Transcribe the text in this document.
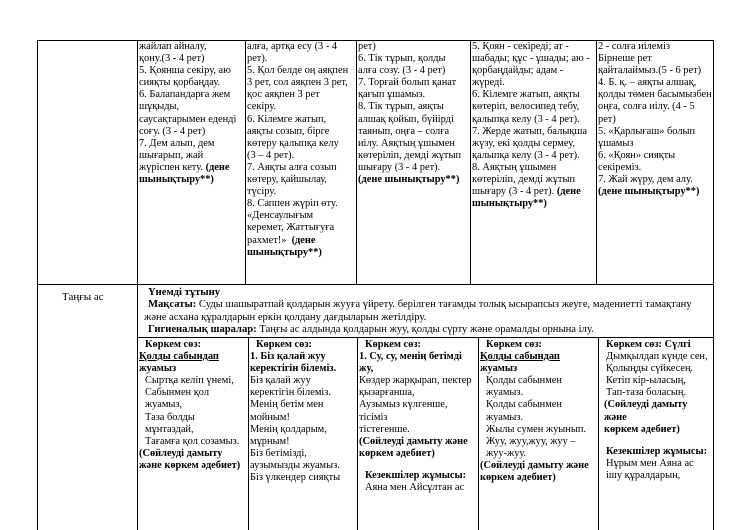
жайлап айналу,

қону.(3 - 4 рет)

5. Қоянша секіру, аю

сияқты қорбаңдау.

6. Балапандарға жем

шұқыды,

саусақтарымен едендi

соғу. (3 - 4 рет)

7. Дем алып, дем

шығарып, жай

жүріспен кету. (дене

шынықтыру**)

алға, артқа есу (3 - 4

рет).

5. Қол белде оң аяқпен

3 рет, сол аяқпен 3 рет,

қос аяқпен 3 рет

секіру.

6. Кілемге жатып,

аяқты созып, бірге

көтеру қалыпқа келу

(3 – 4 рет).

7. Аяқты алға созып

көтеру, қайшылау,

түсіру.

8. Саппен жүріп өту.

«Денсаулығым

керемет, Жаттығуға

рахмет!» (дене

шынықтыру**)

рет)

6. Тік тұрып, қолды

алға созу. (3 - 4 рет)

7. Торғай болып қанат

қағып ұшамыз.

8. Тік тұрып, аяқты

алшақ қойып, бүйірді

таянып, оңға – солға

иілу. Аяқтың ұшымен

көтеріліп, демді жұтып

шығару (3 - 4 рет).

(дене шынықтыру**)

5. Қоян - секіреді; ат -

шабады; құс - ұшады; аю -

қорбаңдайды; адам -

жүреді.

6. Кілемге жатып, аяқты

көтеріп, велосипед тебу,

қалыпқа келу (3 - 4 рет).

7. Жерде жатып, балықша

жүзу, екі қолды сермеу,

қалыпқа келу (3 - 4 рет).

8. Аяқтың ұшымен

көтеріліп, демді жұтып

шығару (3 - 4 рет). (дене

шынықтыру**)

2 - солға иілеміз

Бірнеше рет

қайталаймыз.(5 - 6 рет)

4. Б. қ. – аяқты алшақ,

қолды төмен басымызбен

оңға, солға иілу. (4 - 5 рет)

5. «Қарлығаш» болып

ұшамыз

6. «Қоян» сияқты секіреміз.

7. Жай жүру, дем алу.

(дене шынықтыру**)

Таңғы ас	Үнемді тұтыну

Мақсаты: Суды шашыратпай қолдарын жууға үйрету. берілген тағамды толық ысырапсыз жеуге, мәдениетті тамақтану және асхана құралдарын еркін қолдану дағдыларын жетілдіру.

Гигиеналық шаралар: Таңғы ас алдында қолдарын жуу, қолды сүрту және орамалды орнына ілу.

Көркем сөз:

Қолды сабындап

жуамыз

Сыртқа келіп үнемі,

Сабынмен қол

жуамыз,

Таза болды

мұнтаздай,

Тағамға қол созамыз.

(Сөйлеуді дамыту

және көркем әдебиет)

Көркем сөз:

1. Біз қалай жуу

керектігін білеміз.

Біз қалай жуу

керектігін білеміз.

Менің бетім мен

мойным!

Менің қолдарым,

мұрным!

Біз бетімізді,

аузымызды жуамыз.

Біз үлкендер сияқты

Көркем сөз:

1. Су, су, менің бетімді

жу,

Көздер жарқырап, пектер

қызарғанша,

Аузымыз күлгенше, тісіміз

тістегенше.

(Сөйлеуді дамыту және

көркем әдебиет)

Кезекшілер жұмысы:

Аяна мен Айсұлтан ас

Көркем сөз:

Қолды сабындап

жуамыз

Қолды сабынмен

жуамыз.

Қолды сабынмен

жуамыз.

Жылы сумен жуынып.

Жуу, жуу,жуу, жуу –

жуу-жуу.

(Сөйлеуді дамыту және

көркем әдебиет)

Көркем сөз: Сүлгі

Дымқылдап күнде сен,

Қолыңды сүйкесең.

Кетіп кір-ылаcың,

Тап-таза боласың.

(Сөйлеуді дамыту және

көркем әдебиет)

Кезекшілер жұмысы:

Нұрым мен Аяна ас

ішу құралдарын,
